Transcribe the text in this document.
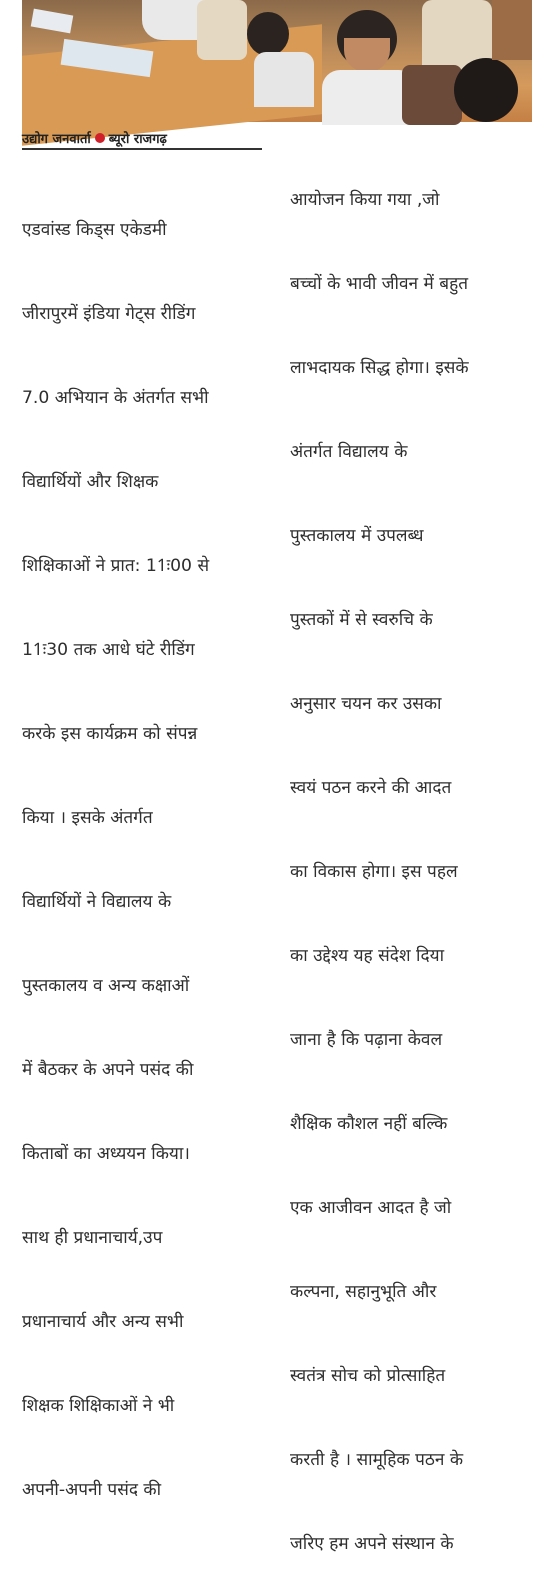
उद्योग जनवार्ता ब्यूरो राजगढ़

एडवांस्ड किड्स एकेडमी

जीरापुरमें इंडिया गेट्स रीडिंग

7.0 अभियान के अंतर्गत सभी

विद्यार्थियों और शिक्षक

शिक्षिकाओं ने प्रात: 11ः00 से

11ः30 तक आधे घंटे रीडिंग

करके इस कार्यक्रम को संपन्न

किया । इसके अंतर्गत

विद्यार्थियों ने विद्यालय के

पुस्तकालय व अन्य कक्षाओं

में बैठकर के अपने पसंद की

किताबों का अध्ययन किया।

साथ ही प्रधानाचार्य,उप

प्रधानाचार्य और अन्य सभी

शिक्षक शिक्षिकाओं ने भी

अपनी-अपनी पसंद की

आयोजन किया गया ,जो

बच्चों के भावी जीवन में बहुत

लाभदायक सिद्ध होगा। इसके

अंतर्गत विद्यालय के

पुस्तकालय में उपलब्ध

पुस्तकों में से स्वरुचि के

अनुसार चयन कर उसका

स्वयं पठन करने की आदत

का विकास होगा। इस पहल

का उद्देश्य यह संदेश दिया

जाना है कि पढ़ाना केवल

शैक्षिक कौशल नहीं बल्कि

एक आजीवन आदत है जो

कल्पना, सहानुभूति और

स्वतंत्र सोच को प्रोत्साहित

करती है । सामूहिक पठन के

जरिए हम अपने संस्थान के
